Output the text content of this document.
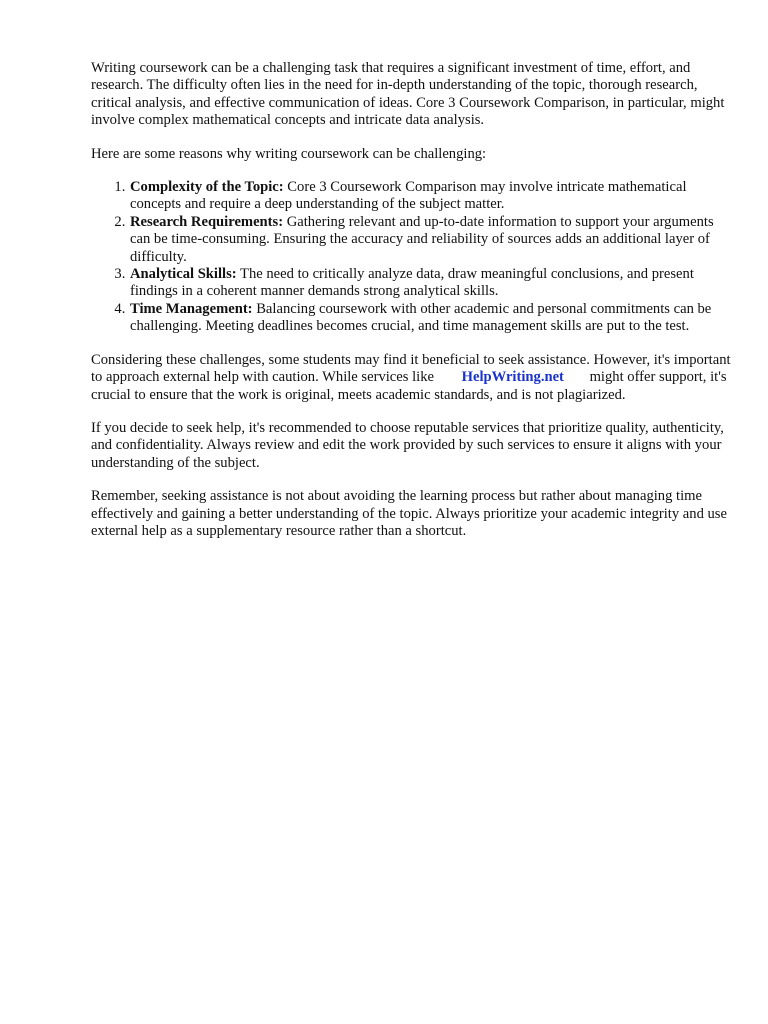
Writing coursework can be a challenging task that requires a significant investment of time, effort, and research. The difficulty often lies in the need for in-depth understanding of the topic, thorough research, critical analysis, and effective communication of ideas. Core 3 Coursework Comparison, in particular, might involve complex mathematical concepts and intricate data analysis.

Here are some reasons why writing coursework can be challenging:

1. Complexity of the Topic: Core 3 Coursework Comparison may involve intricate mathematical concepts and require a deep understanding of the subject matter.
2. Research Requirements: Gathering relevant and up-to-date information to support your arguments can be time-consuming. Ensuring the accuracy and reliability of sources adds an additional layer of difficulty.
3. Analytical Skills: The need to critically analyze data, draw meaningful conclusions, and present findings in a coherent manner demands strong analytical skills.
4. Time Management: Balancing coursework with other academic and personal commitments can be challenging. Meeting deadlines becomes crucial, and time management skills are put to the test.

Considering these challenges, some students may find it beneficial to seek assistance. However, it's important to approach external help with caution. While services like HelpWriting.net might offer support, it's crucial to ensure that the work is original, meets academic standards, and is not plagiarized.

If you decide to seek help, it's recommended to choose reputable services that prioritize quality, authenticity, and confidentiality. Always review and edit the work provided by such services to ensure it aligns with your understanding of the subject.

Remember, seeking assistance is not about avoiding the learning process but rather about managing time effectively and gaining a better understanding of the topic. Always prioritize your academic integrity and use external help as a supplementary resource rather than a shortcut.
